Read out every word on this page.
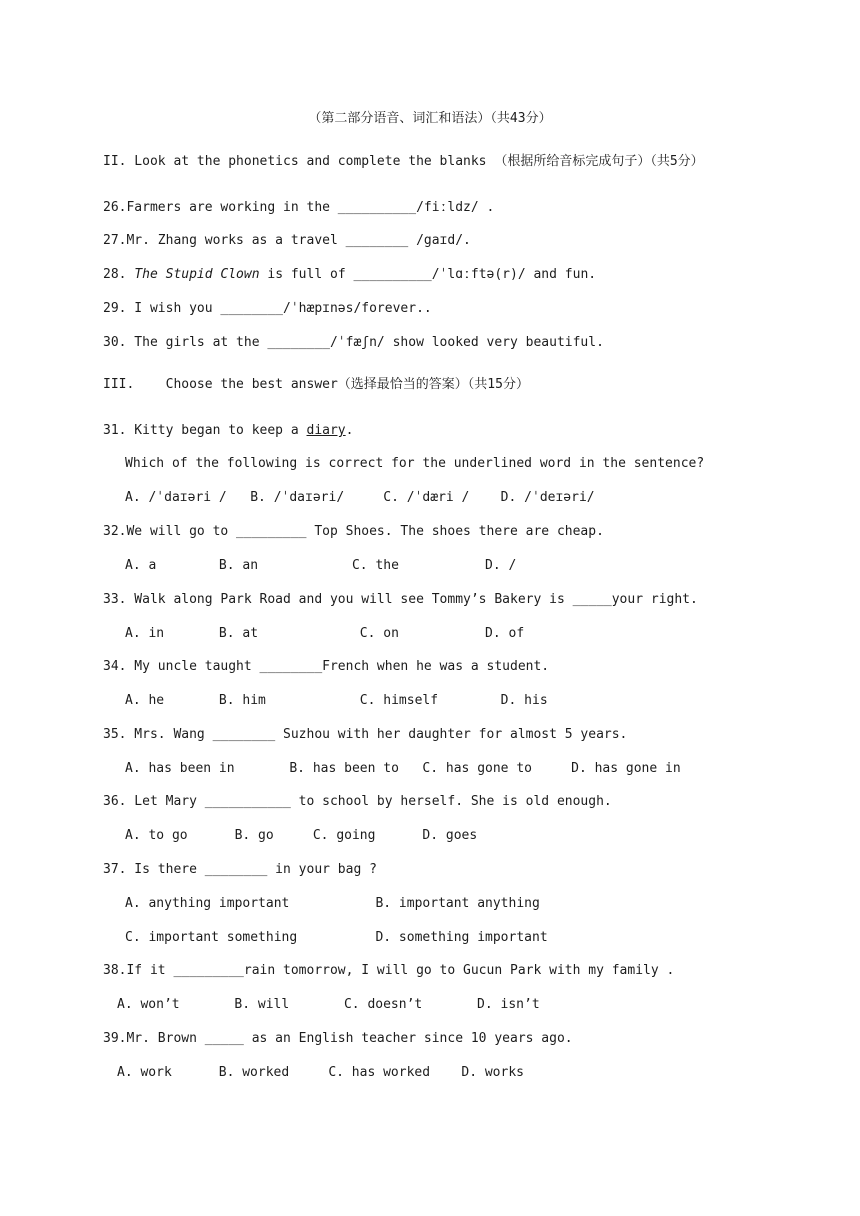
（第二部分语音、词汇和语法）（共43分）
II. Look at the phonetics and complete the blanks （根据所给音标完成句子）（共5分）
26.Farmers are working in the __________/fiːldz/ .
27.Mr. Zhang works as a travel ________ /gaɪd/.
28. The Stupid Clown is full of __________/ˈlɑːftə(r)/ and fun.
29. I wish you ________/ˈhæpɪnəs/forever..
30. The girls at the ________/ˈfæʃn/ show looked very beautiful.
III.    Choose the best answer（选择最恰当的答案）（共15分）
31. Kitty began to keep a diary.
Which of the following is correct for the underlined word in the sentence?
A. /ˈdaɪəri /   B. /ˈdaɪəri/     C. /ˈdæri /    D. /ˈdeɪəri/
32.We will go to _________ Top Shoes. The shoes there are cheap.
A. a        B. an            C. the           D. /
33. Walk along Park Road and you will see Tommy’s Bakery is _____your right.
A. in       B. at             C. on           D. of
34. My uncle taught ________French when he was a student.
A. he       B. him            C. himself        D. his
35. Mrs. Wang ________ Suzhou with her daughter for almost 5 years.
A. has been in       B. has been to   C. has gone to     D. has gone in
36. Let Mary ___________ to school by herself. She is old enough.
A. to go      B. go     C. going      D. goes
37. Is there ________ in your bag ?
A. anything important           B. important anything
C. important something          D. something important
38.If it _________rain tomorrow, I will go to Gucun Park with my family .
A. won’t       B. will       C. doesn’t       D. isn’t
39.Mr. Brown _____ as an English teacher since 10 years ago.
A. work      B. worked     C. has worked    D. works
